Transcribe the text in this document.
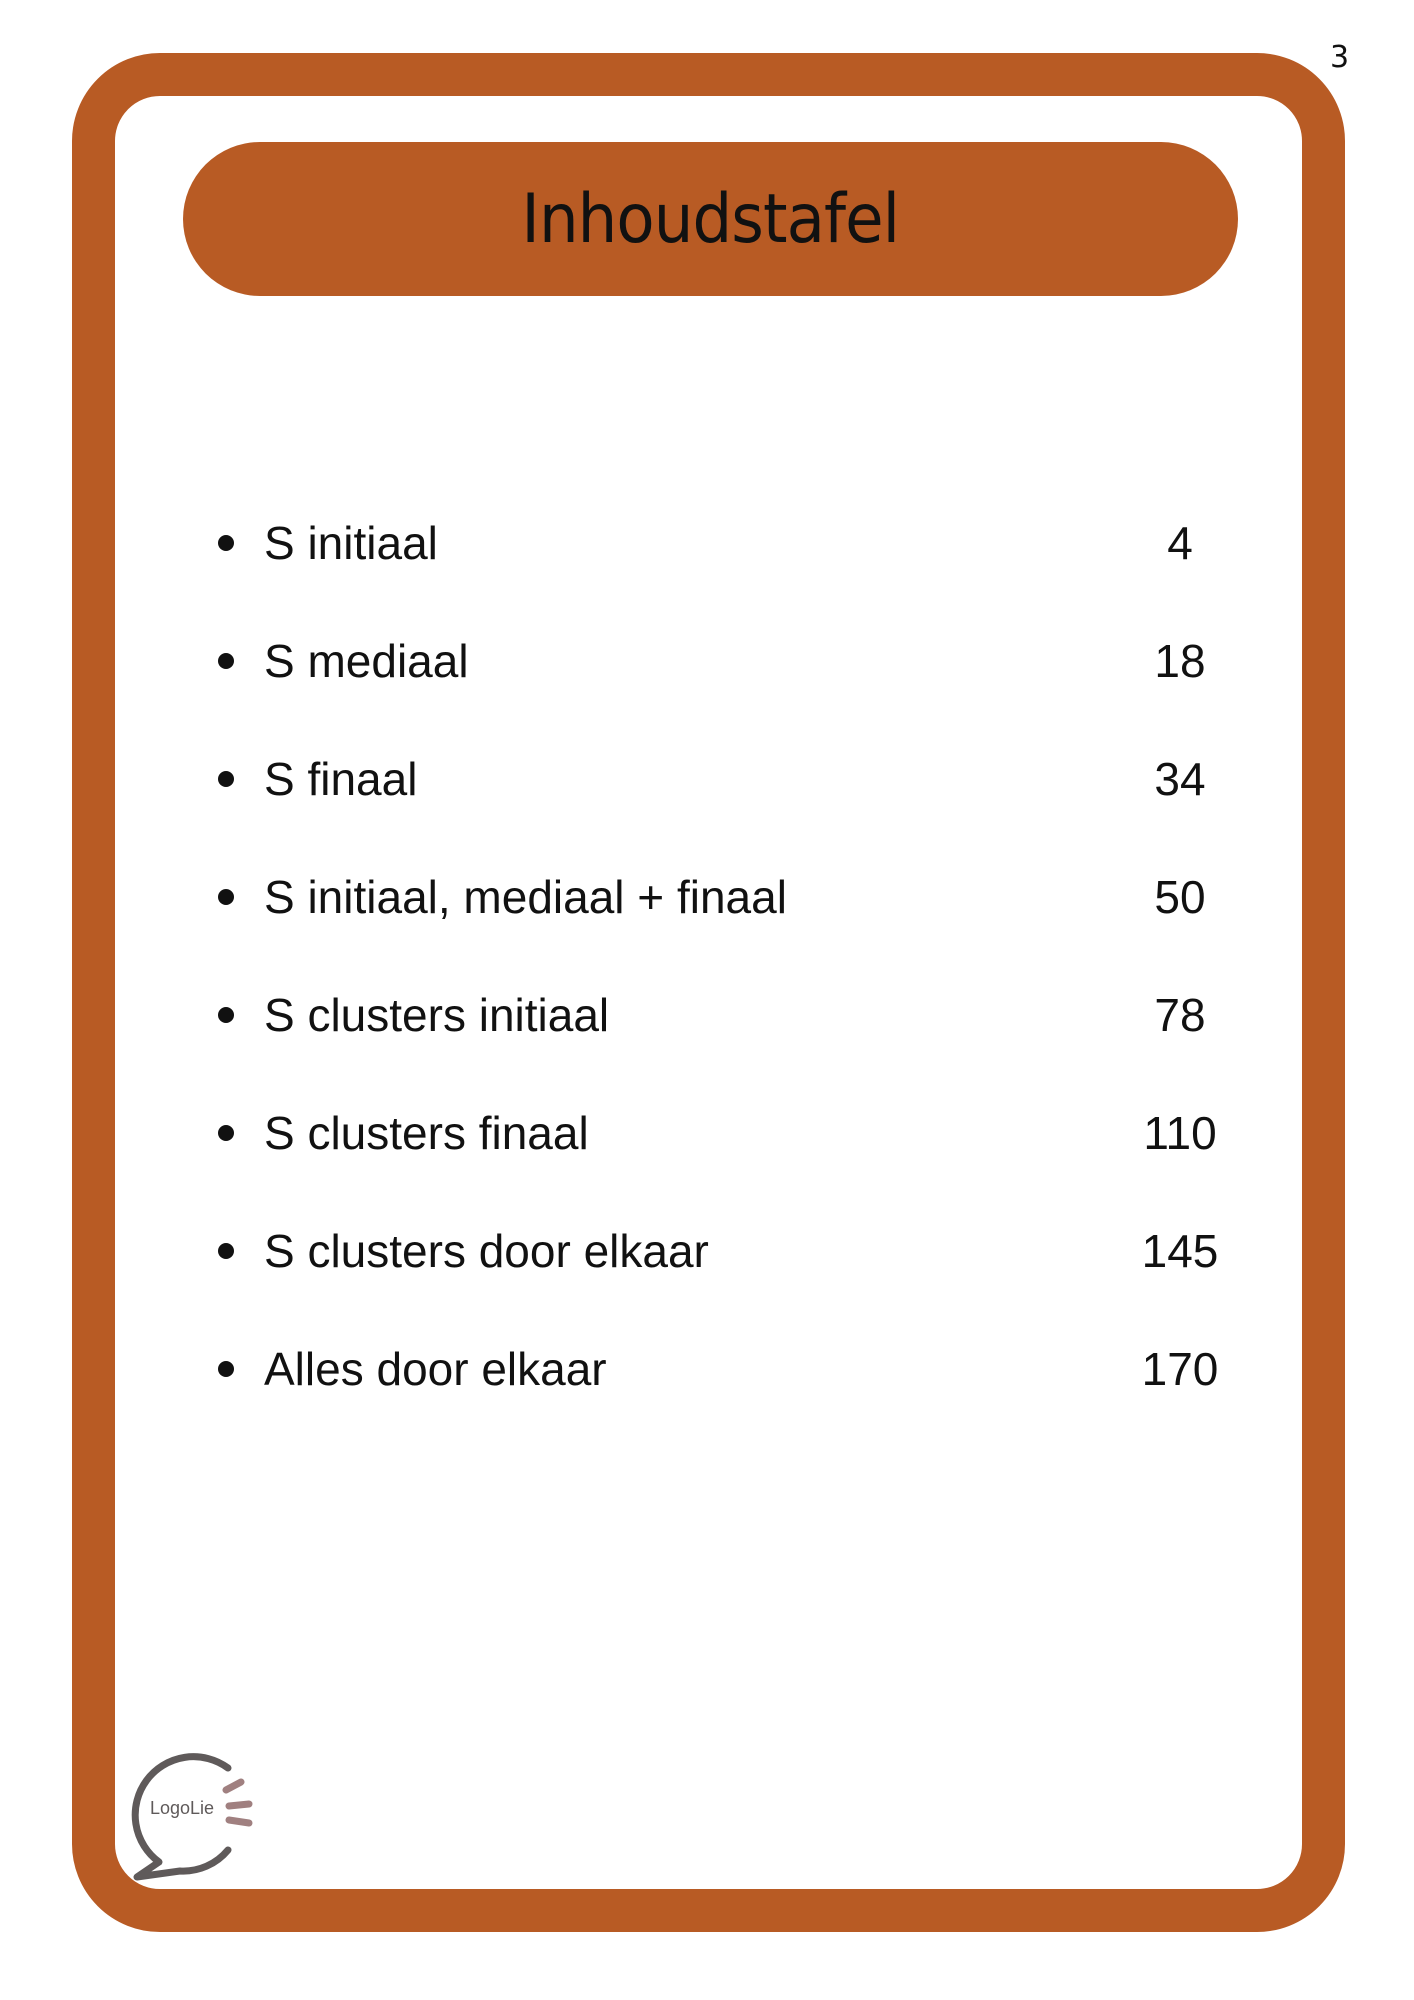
3
Inhoudstafel
S initiaal	4
S mediaal	18
S finaal	34
S initiaal, mediaal + finaal	50
S clusters initiaal	78
S clusters finaal	110
S clusters door elkaar	145
Alles door elkaar	170
LogoLie
